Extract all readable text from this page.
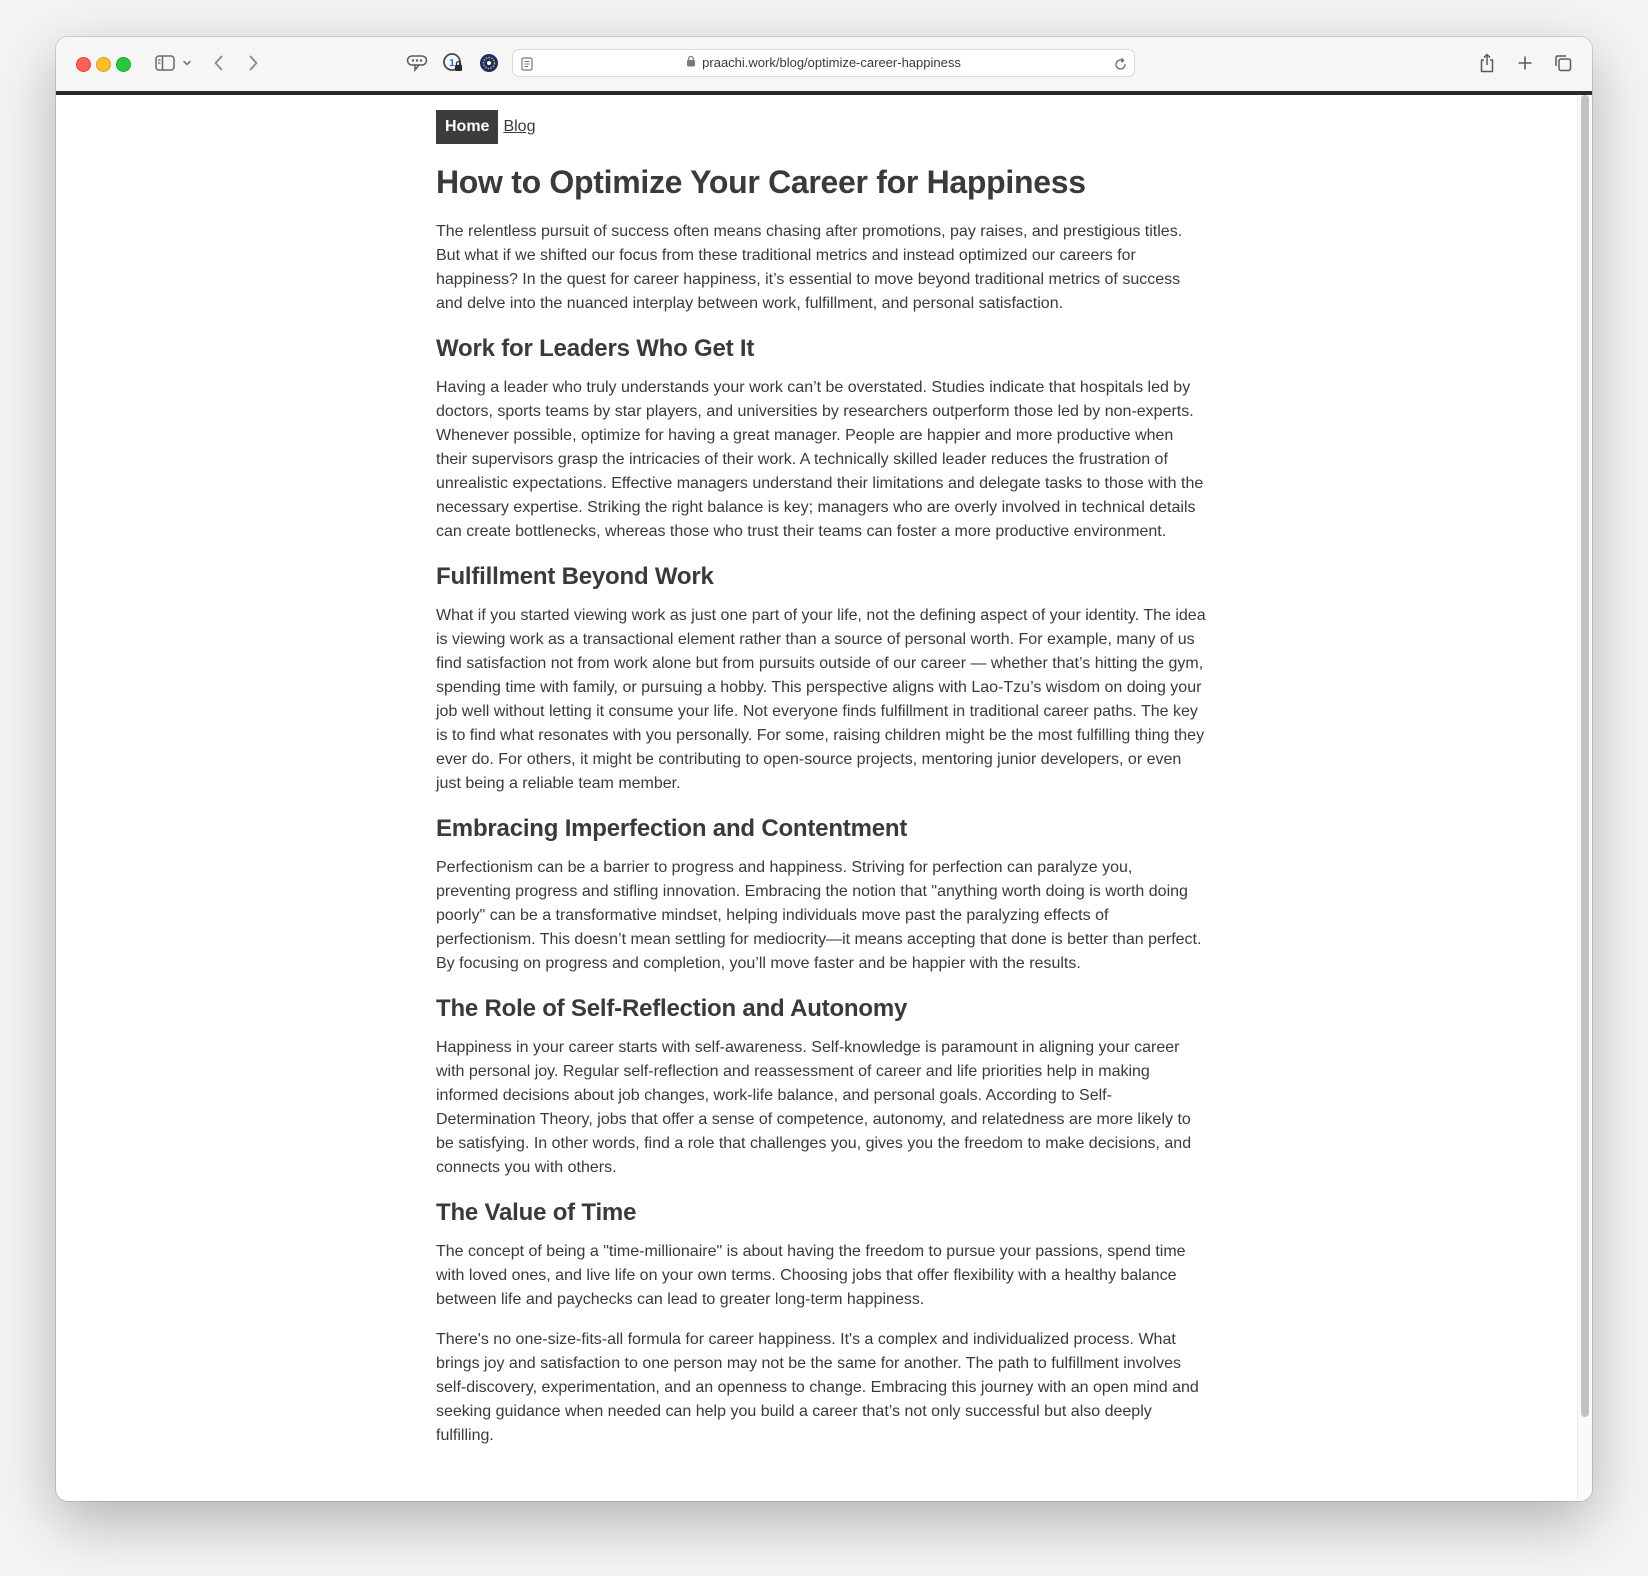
1	praachi.work/blog/optimize-career-happiness
Home Blog
How to Optimize Your Career for Happiness

The relentless pursuit of success often means chasing after promotions, pay raises, and prestigious titles. But what if we shifted our focus from these traditional metrics and instead optimized our careers for happiness? In the quest for career happiness, it’s essential to move beyond traditional metrics of success and delve into the nuanced interplay between work, fulfillment, and personal satisfaction.

Work for Leaders Who Get It

Having a leader who truly understands your work can’t be overstated. Studies indicate that hospitals led by doctors, sports teams by star players, and universities by researchers outperform those led by non-experts. Whenever possible, optimize for having a great manager. People are happier and more productive when their supervisors grasp the intricacies of their work. A technically skilled leader reduces the frustration of unrealistic expectations. Effective managers understand their limitations and delegate tasks to those with the necessary expertise. Striking the right balance is key; managers who are overly involved in technical details can create bottlenecks, whereas those who trust their teams can foster a more productive environment.

Fulfillment Beyond Work

What if you started viewing work as just one part of your life, not the defining aspect of your identity. The idea is viewing work as a transactional element rather than a source of personal worth. For example, many of us find satisfaction not from work alone but from pursuits outside of our career — whether that’s hitting the gym, spending time with family, or pursuing a hobby. This perspective aligns with Lao-Tzu’s wisdom on doing your job well without letting it consume your life. Not everyone finds fulfillment in traditional career paths. The key is to find what resonates with you personally. For some, raising children might be the most fulfilling thing they ever do. For others, it might be contributing to open-source projects, mentoring junior developers, or even just being a reliable team member.

Embracing Imperfection and Contentment

Perfectionism can be a barrier to progress and happiness. Striving for perfection can paralyze you, preventing progress and stifling innovation. Embracing the notion that "anything worth doing is worth doing poorly" can be a transformative mindset, helping individuals move past the paralyzing effects of perfectionism. This doesn’t mean settling for mediocrity—it means accepting that done is better than perfect. By focusing on progress and completion, you’ll move faster and be happier with the results.

The Role of Self-Reflection and Autonomy

Happiness in your career starts with self-awareness. Self-knowledge is paramount in aligning your career with personal joy. Regular self-reflection and reassessment of career and life priorities help in making informed decisions about job changes, work-life balance, and personal goals. According to Self-Determination Theory, jobs that offer a sense of competence, autonomy, and relatedness are more likely to be satisfying. In other words, find a role that challenges you, gives you the freedom to make decisions, and connects you with others.

The Value of Time

The concept of being a "time-millionaire" is about having the freedom to pursue your passions, spend time with loved ones, and live life on your own terms. Choosing jobs that offer flexibility with a healthy balance between life and paychecks can lead to greater long-term happiness.

There's no one-size-fits-all formula for career happiness. It's a complex and individualized process. What brings joy and satisfaction to one person may not be the same for another. The path to fulfillment involves self-discovery, experimentation, and an openness to change. Embracing this journey with an open mind and seeking guidance when needed can help you build a career that’s not only successful but also deeply fulfilling.
